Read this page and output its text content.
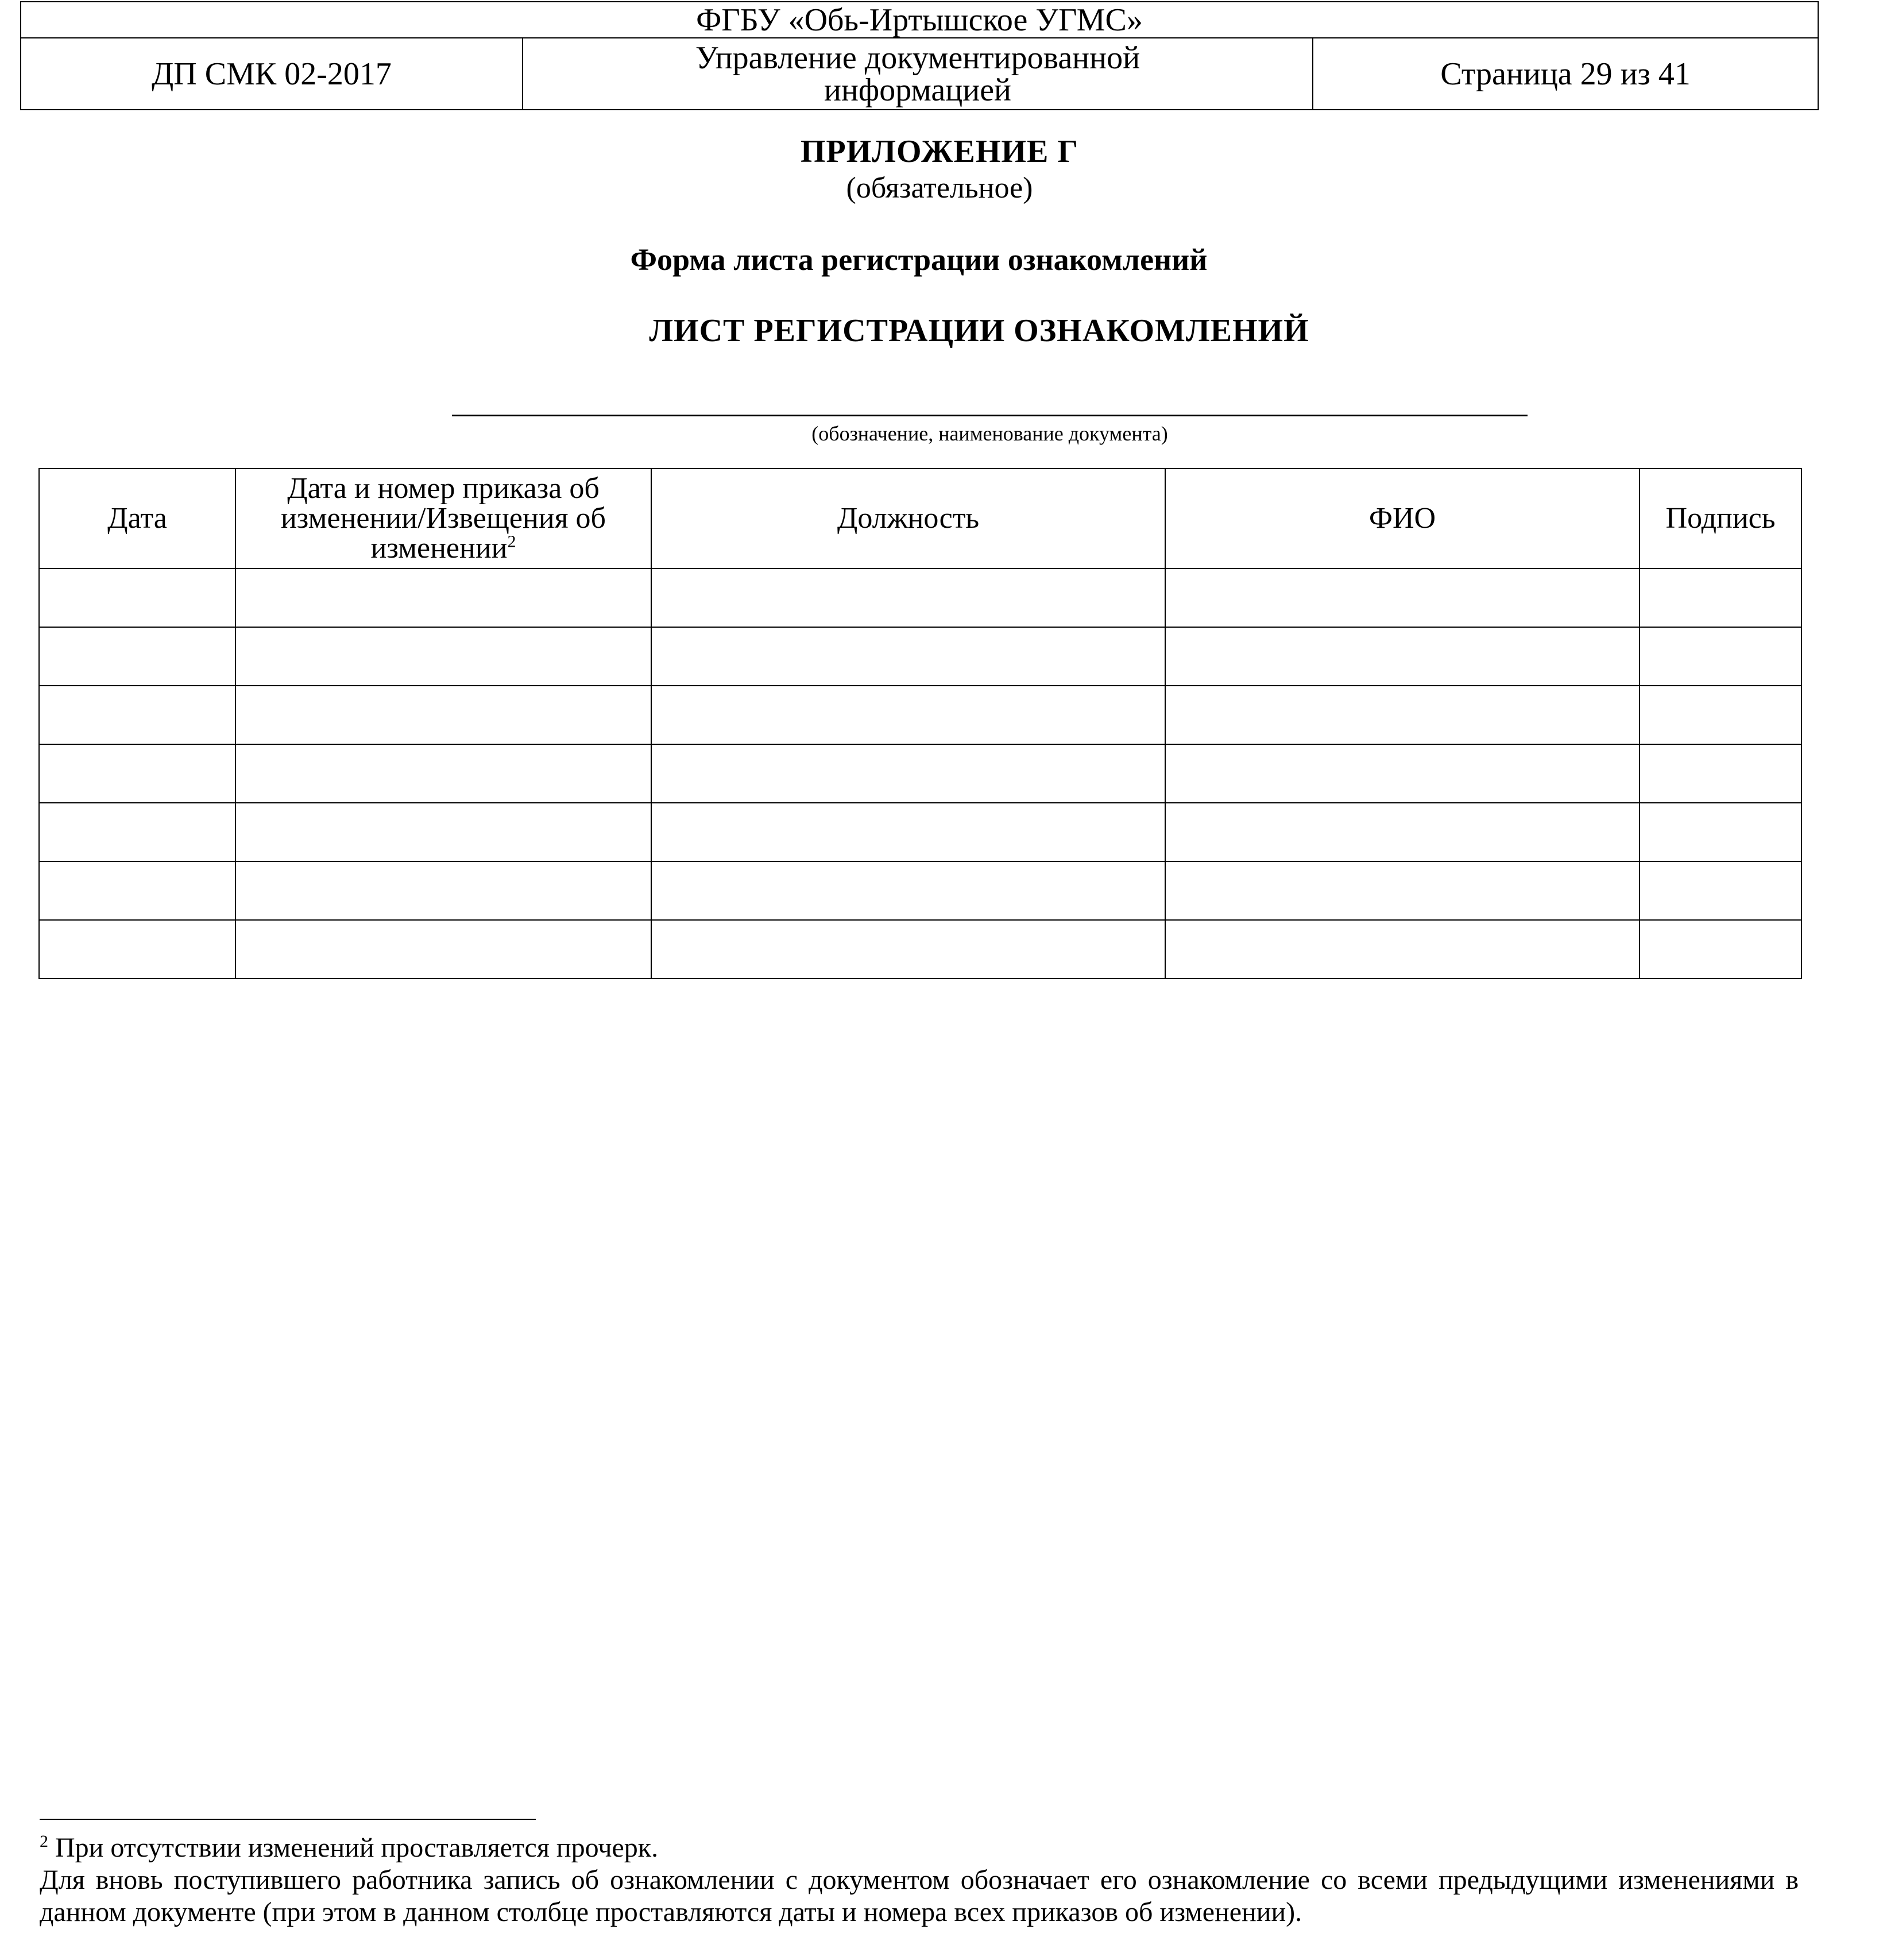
ФГБУ «Обь-Иртышское УГМС»
ДП СМК 02-2017	Управление документированной информацией	Страница 29 из 41
ПРИЛОЖЕНИЕ Г
(обязательное)
Форма листа регистрации ознакомлений
ЛИСТ РЕГИСТРАЦИИ ОЗНАКОМЛЕНИЙ
(обозначение, наименование документа)
Дата	Дата и номер приказа об изменении/Извещения об изменении$^2$	Должность	ФИО	Подпись

$^2$ При отсутствии изменений проставляется прочерк.

Для вновь поступившего работника запись об ознакомлении с документом обозначает его ознакомление со всеми предыдущими изменениями в данном документе (при этом в данном столбце проставляются даты и номера всех приказов об изменении).
